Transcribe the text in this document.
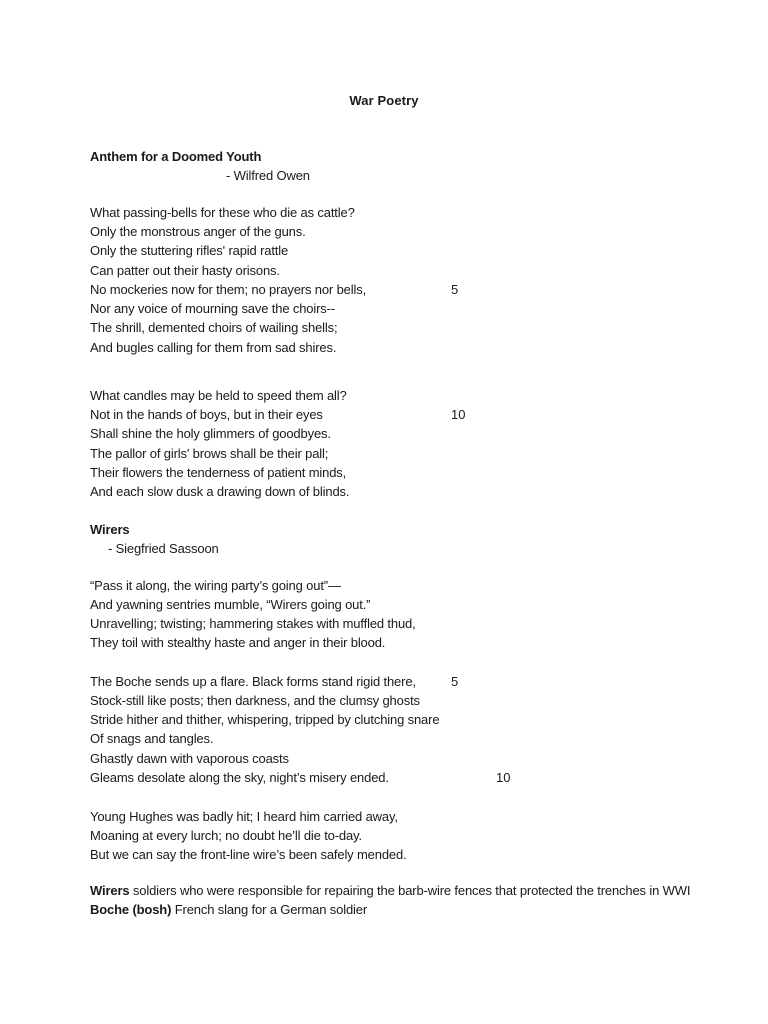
War Poetry
Anthem for a Doomed Youth
- Wilfred Owen
What passing-bells for these who die as cattle?
Only the monstrous anger of the guns.
Only the stuttering rifles' rapid rattle
Can patter out their hasty orisons.
No mockeries now for them; no prayers nor bells,	5
Nor any voice of mourning save the choirs--
The shrill, demented choirs of wailing shells;
And bugles calling for them from sad shires.
What candles may be held to speed them all?
Not in the hands of boys, but in their eyes	10
Shall shine the holy glimmers of goodbyes.
The pallor of girls' brows shall be their pall;
Their flowers the tenderness of patient minds,
And each slow dusk a drawing down of blinds.
Wirers
- Siegfried Sassoon
“Pass it along, the wiring party’s going out”—
And yawning sentries mumble, “Wirers going out.”
Unravelling; twisting; hammering stakes with muffled thud,
They toil with stealthy haste and anger in their blood.
The Boche sends up a flare. Black forms stand rigid there,	5
Stock-still like posts; then darkness, and the clumsy ghosts
Stride hither and thither, whispering, tripped by clutching snare
Of snags and tangles.
Ghastly dawn with vaporous coasts
Gleams desolate along the sky, night’s misery ended.	10
Young Hughes was badly hit; I heard him carried away,
Moaning at every lurch; no doubt he’ll die to-day.
But we can say the front-line wire’s been safely mended.
Wirers soldiers who were responsible for repairing the barb-wire fences that protected the trenches in WWI
Boche (bosh) French slang for a German soldier
